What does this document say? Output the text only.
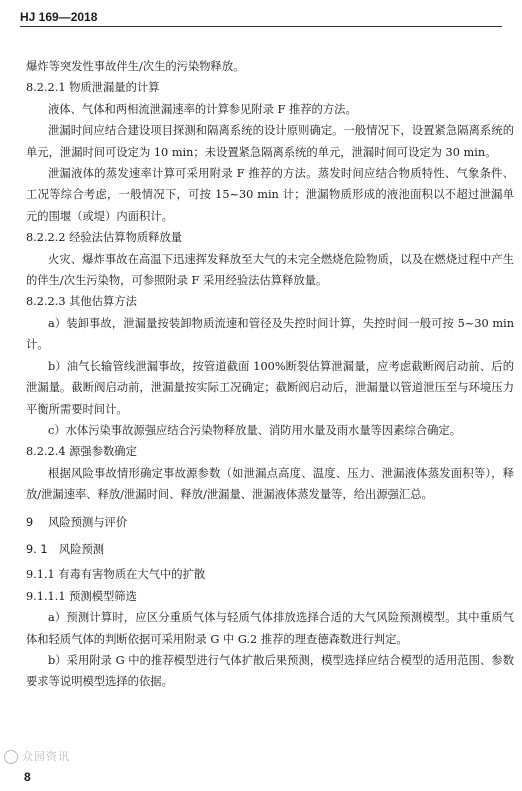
HJ 169—2018

爆炸等突发性事故伴生/次生的污染物释放。

8.2.2.1 物质泄漏量的计算

液体、气体和两相流泄漏速率的计算参见附录 F 推荐的方法。

泄漏时间应结合建设项目探测和隔离系统的设计原则确定。一般情况下，设置紧急隔离系统的单元，泄漏时间可设定为 10 min；未设置紧急隔离系统的单元，泄漏时间可设定为 30 min。

泄漏液体的蒸发速率计算可采用附录 F 推荐的方法。蒸发时间应结合物质特性、气象条件、工况等综合考虑，一般情况下，可按 15~30 min 计；泄漏物质形成的液池面积以不超过泄漏单元的围堰（或堤）内面积计。

8.2.2.2 经验法估算物质释放量

火灾、爆炸事故在高温下迅速挥发释放至大气的未完全燃烧危险物质，以及在燃烧过程中产生的伴生/次生污染物，可参照附录 F 采用经验法估算释放量。

8.2.2.3 其他估算方法

a）装卸事故，泄漏量按装卸物质流速和管径及失控时间计算，失控时间一般可按 5~30 min 计。

b）油气长输管线泄漏事故，按管道截面 100%断裂估算泄漏量，应考虑截断阀启动前、后的泄漏量。截断阀启动前，泄漏量按实际工况确定；截断阀启动后，泄漏量以管道泄压至与环境压力平衡所需要时间计。

c）水体污染事故源强应结合污染物释放量、消防用水量及雨水量等因素综合确定。

8.2.2.4 源强参数确定

根据风险事故情形确定事故源参数（如泄漏点高度、温度、压力、泄漏液体蒸发面积等），释放/泄漏速率、释放/泄漏时间、释放/泄漏量、泄漏液体蒸发量等，给出源强汇总。

9　 风险预测与评价

9. 1　风险预测

9.1.1 有毒有害物质在大气中的扩散

9.1.1.1 预测模型筛选

a）预测计算时，应区分重质气体与轻质气体排放选择合适的大气风险预测模型。其中重质气体和轻质气体的判断依据可采用附录 G 中 G.2 推荐的理查德森数进行判定。

b）采用附录 G 中的推荐模型进行气体扩散后果预测，模型选择应结合模型的适用范围、参数要求等说明模型选择的依据。

众园资讯
8
